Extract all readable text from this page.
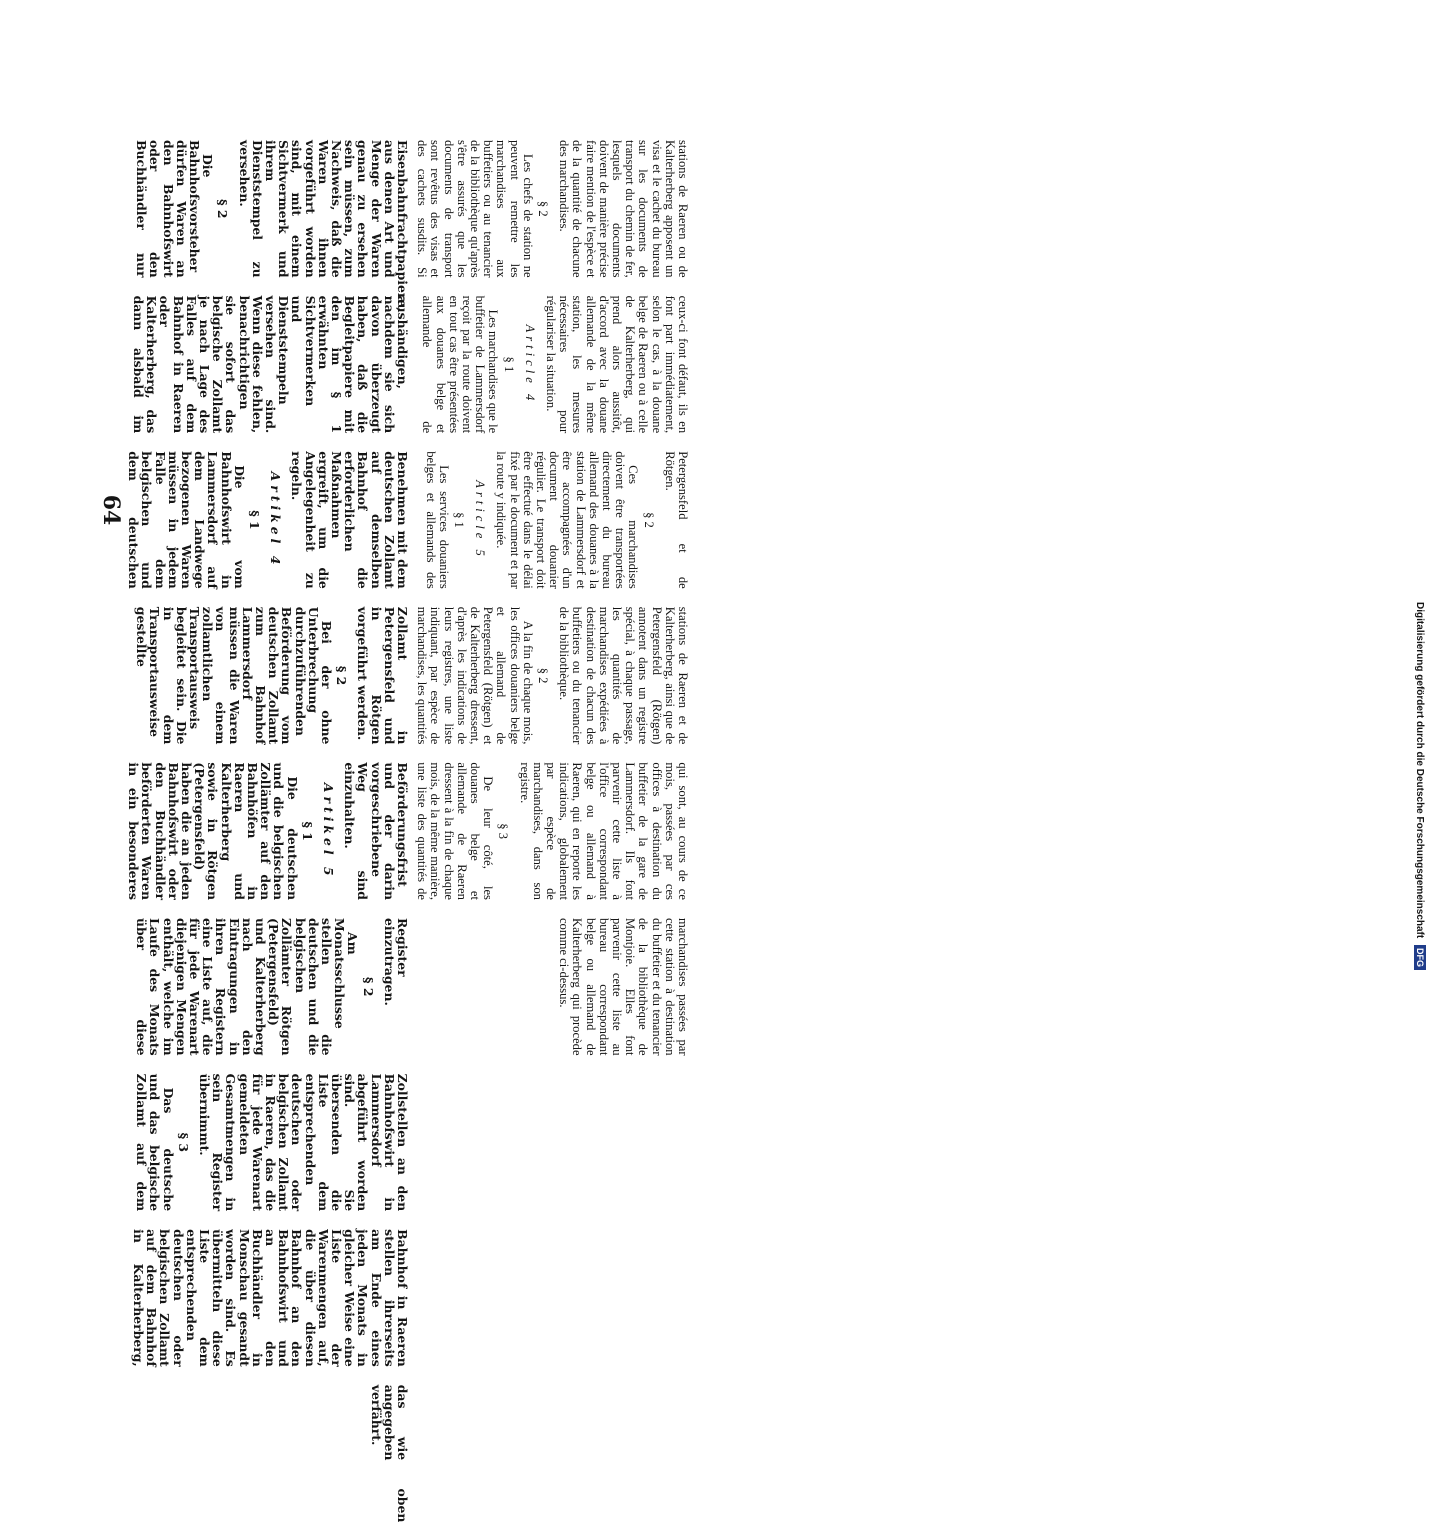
Digitalisierung gefördert durch die Deutsche Forschungsgemeinschaft DFG
64

Eisenbahnfrachtpapiere, aus denen Art und Menge der Waren genau zu ersehen sein müssen, zum Nachweis, daß die Waren ihnen vorgeführt worden sind, mit einem Sichtvermerk und ihrem Dienststempel zu versehen.

§ 2

Die Bahnhofsvorsteher dürfen Waren an den Bahnhofswirt oder den Buchhändler nur aushändigen, nachdem sie sich davon überzeugt haben, daß die Begleitpapiere mit den im § 1 erwähnten Sichtvermerken und Dienststempeln versehen sind. Wenn diese fehlen, benachrichtigen sie sofort das belgische Zollamt je nach Lage des Falles auf dem Bahnhof in Raeren oder Kalterherberg, das dann alsbald im Benehmen mit dem deutschen Zollamt auf demselben Bahnhof die erforderlichen Maßnahmen ergreift, um die Angelegenheit zu regeln.

Artikel 4
§ 1

Die vom Bahnhofswirt in Lammersdorf auf dem Landwege bezogenen Waren müssen in jedem Falle dem belgischen und dem deutschen Zollamt in Petergensfeld und in Rötgen vorgeführt werden.

§ 2

Bei der ohne Unterbrechung durchzuführenden Beförderung vom deutschen Zollamt zum Bahnhof Lammersdorf müssen die Waren von einem zollamtlichen Transportausweis begleitet sein. Die in dem Transportausweise gestellte Beförderungsfrist und der darin vorgeschriebene Weg sind einzuhalten.

Artikel 5
§ 1

Die deutschen und die belgischen Zollämter auf den Bahnhöfen in Raeren und Kalterherberg sowie in Rötgen (Petergensfeld) haben die an jeden Bahnhofswirt oder den Buchhändler beförderten Waren in ein besonderes Register einzutragen.

§ 2

Am Monatsschlusse stellen die deutschen und die belgischen Zollämter Rötgen (Petergensfeld) und Kalterherberg nach den Eintragungen in ihren Registern eine Liste auf, die für jede Warenart diejenigen Mengen enthält, welche im Laufe des Monats über diese Zollstellen an den Bahnhofswirt in Lammersdorf abgeführt worden sind. Sie übersenden die Liste dem entsprechenden deutschen oder belgischen Zollamt in Raeren, das die für jede Warenart gemeldeten Gesamtmengen in sein Register übernimmt.

§ 3

Das deutsche und das belgische Zollamt auf dem Bahnhof in Raeren stellen ihrerseits am Ende eines jeden Monats in gleicher Weise eine Liste der Warenmengen auf, die über diesen Bahnhof an den Bahnhofswirt und an den Buchhändler in Monschau gesandt worden sind. Es übermitteln diese Liste dem entsprechenden deutschen oder belgischen Zollamt auf dem Bahnhof in Kalterherberg, das wie oben angegeben verfährt.

stations de Raeren ou de Kalterherberg apposent un visa et le cachet du bureau sur les documents de transport du chemin de fer, lesquels documents doivent de manière précise faire mention de l'espèce et de la quantité de chacune des marchandises.

§ 2

Les chefs de station ne peuvent remettre les marchandises aux buffetiers ou au tenancier de la bibliothèque qu'après s'être assurés que les documents de transport sont revêtus des visas et des cachets susdits. Si ceux-ci font défaut, ils en font part immédiatement, selon le cas, à la douane belge de Raeren ou à celle de Kalterherberg, qui prend alors aussitôt, d'accord avec la douane allemande de la même station, les mesures nécessaires pour régulariser la situation.

Article 4
§ 1

Les marchandises que le buffetier de Lammersdorf reçoit par la route doivent en tout cas être présentées aux douanes belge et allemande de Petergensfeld et de Rötgen.

§ 2

Ces marchandises doivent être transportées directement du bureau allemand des douanes à la station de Lammersdorf et être accompagnées d'un document douanier régulier. Le transport doit être effectué dans le délai fixé par le document et par la route y indiquée.

Article 5
§ 1

Les services douaniers belges et allemands des stations de Raeren et de Kalterherberg, ainsi que de Petergensfeld (Rötgen) annotent dans un registre spécial, à chaque passage, les quantités de marchandises expédiées à destination de chacun des buffetiers ou du tenancier de la bibliothèque.

§ 2

A la fin de chaque mois, les offices douaniers belge et allemand de Petergensfeld (Rötgen) et de Kalterherberg dressent, d'après les indications de leurs registres, une liste indiquant, par espèce de marchandises, les quantités qui sont, au cours de ce mois, passées par ces offices à destination du buffetier de la gare de Lammersdorf. Ils font parvenir cette liste à l'office correspondant belge ou allemand à Raeren, qui en reporte les indications, globalement par espèce de marchandises, dans son registre.

§ 3

De leur côté, les douanes belge et allemande de Raeren dressent à la fin de chaque mois, de la même manière, une liste des quantités de marchandises passées par cette station à destination du buffetier et du tenancier de la bibliothèque de Montjoie. Elles font parvenir cette liste au bureau correspondant belge ou allemand de Kalterherberg qui procède comme ci-dessus.
